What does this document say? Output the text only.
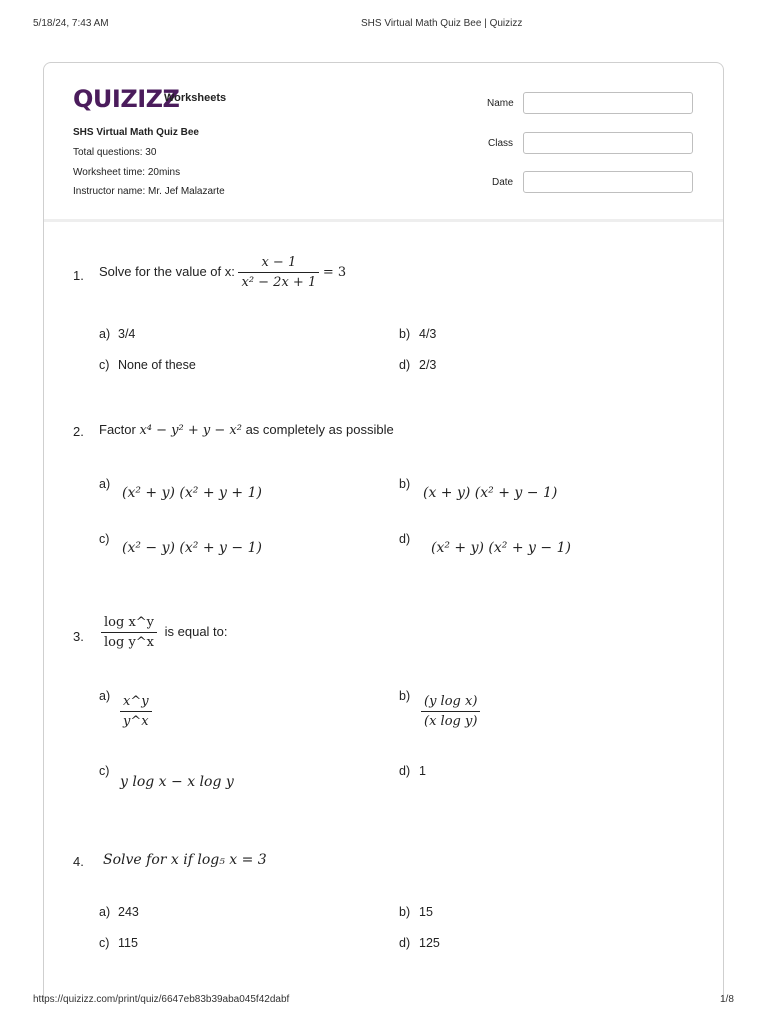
5/18/24, 7:43 AM	SHS Virtual Math Quiz Bee | Quizizz
QUIZIZZ
Worksheets
SHS Virtual Math Quiz Bee
Total questions: 30
Worksheet time: 20mins
Instructor name: Mr. Jef Malazarte
Name
Class
Date
1. Solve for the value of x: $\frac{x - 1}{\text{x² − 2x + 1}} = 3$
a) 3/4	b) 4/3
c) None of these	d) 2/3
2. Factor x⁴ − y² + y − x² as completely as possible
a)
(x² + y) (x² + y + 1)
b)
(x + y) (x² + y − 1)
c)
(x² − y) (x² + y − 1)
d)
(x² + y) (x² + y − 1)
3. $\frac{\text{log x\textasciicircum{}y}}{\text{log y\textasciicircum{}x}}$ is equal to:
$a) \frac{x\^{}y}{y\^{}x}$	$b) \frac{\text{(y log x)}}{\text{(x log y)}}$
c)
y log x − x log y
d) 1
4. Solve for x if log₅ x = 3
a) 243	b) 15
c) 115	d) 125
https://quizizz.com/print/quiz/6647eb83b39aba045f42dabf	1/8
